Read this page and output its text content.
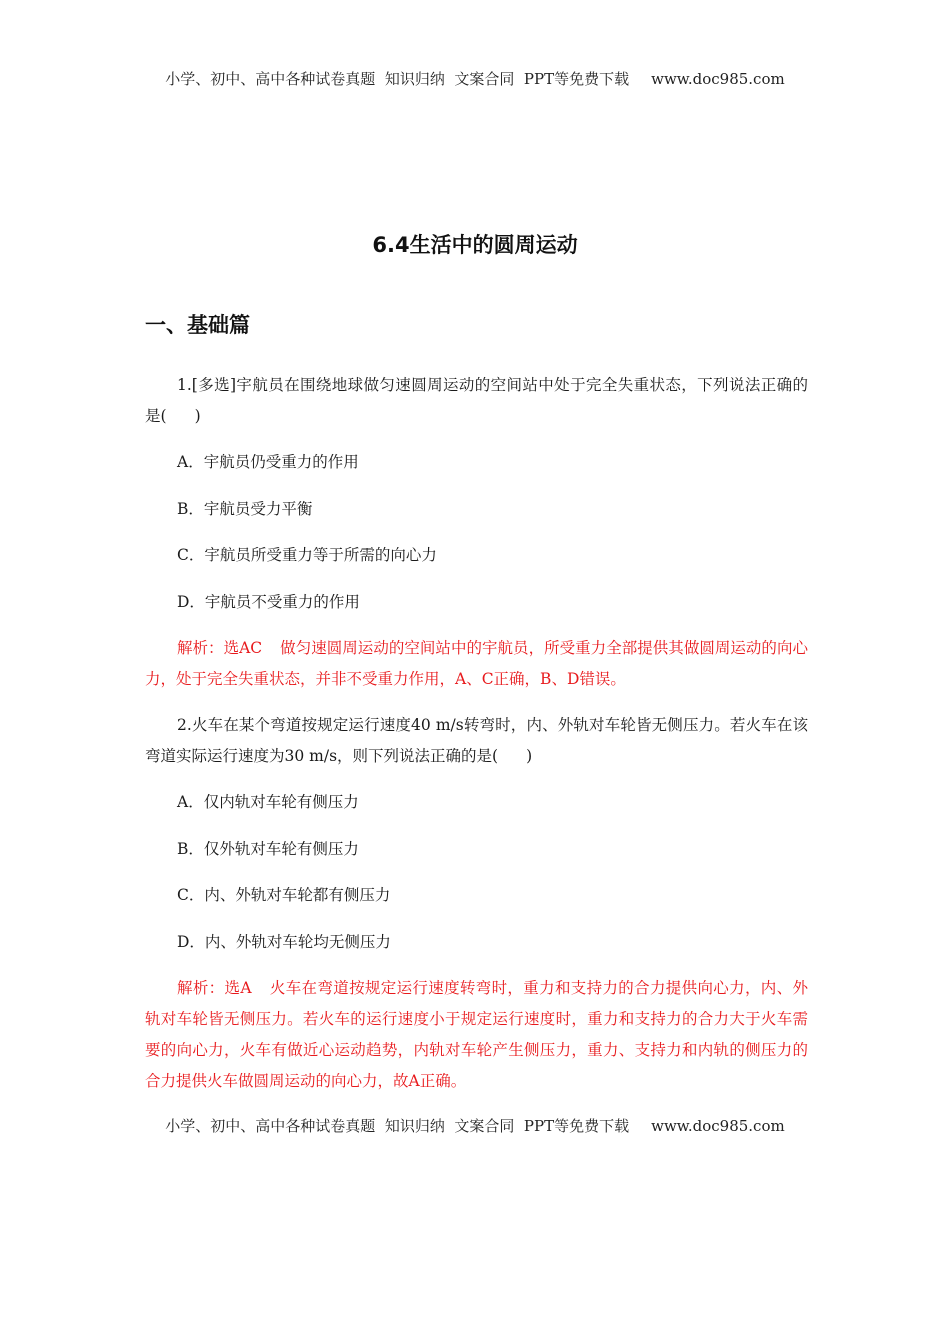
小学、初中、高中各种试卷真题  知识归纳  文案合同  PPT等免费下载 www.doc985.com
6.4生活中的圆周运动
一、基础篇

1.[多选]宇航员在围绕地球做匀速圆周运动的空间站中处于完全失重状态，下列说法正确的是( )

A．宇航员仍受重力的作用

B．宇航员受力平衡

C．宇航员所受重力等于所需的向心力

D．宇航员不受重力的作用

解析：选AC 做匀速圆周运动的空间站中的宇航员，所受重力全部提供其做圆周运动的向心力，处于完全失重状态，并非不受重力作用，A、C正确，B、D错误。

2.火车在某个弯道按规定运行速度40 m/s转弯时，内、外轨对车轮皆无侧压力。若火车在该弯道实际运行速度为30 m/s，则下列说法正确的是( )

A．仅内轨对车轮有侧压力

B．仅外轨对车轮有侧压力

C．内、外轨对车轮都有侧压力

D．内、外轨对车轮均无侧压力

解析：选A 火车在弯道按规定运行速度转弯时，重力和支持力的合力提供向心力，内、外轨对车轮皆无侧压力。若火车的运行速度小于规定运行速度时，重力和支持力的合力大于火车需要的向心力，火车有做近心运动趋势，内轨对车轮产生侧压力，重力、支持力和内轨的侧压力的合力提供火车做圆周运动的向心力，故A正确。

小学、初中、高中各种试卷真题  知识归纳  文案合同  PPT等免费下载 www.doc985.com
